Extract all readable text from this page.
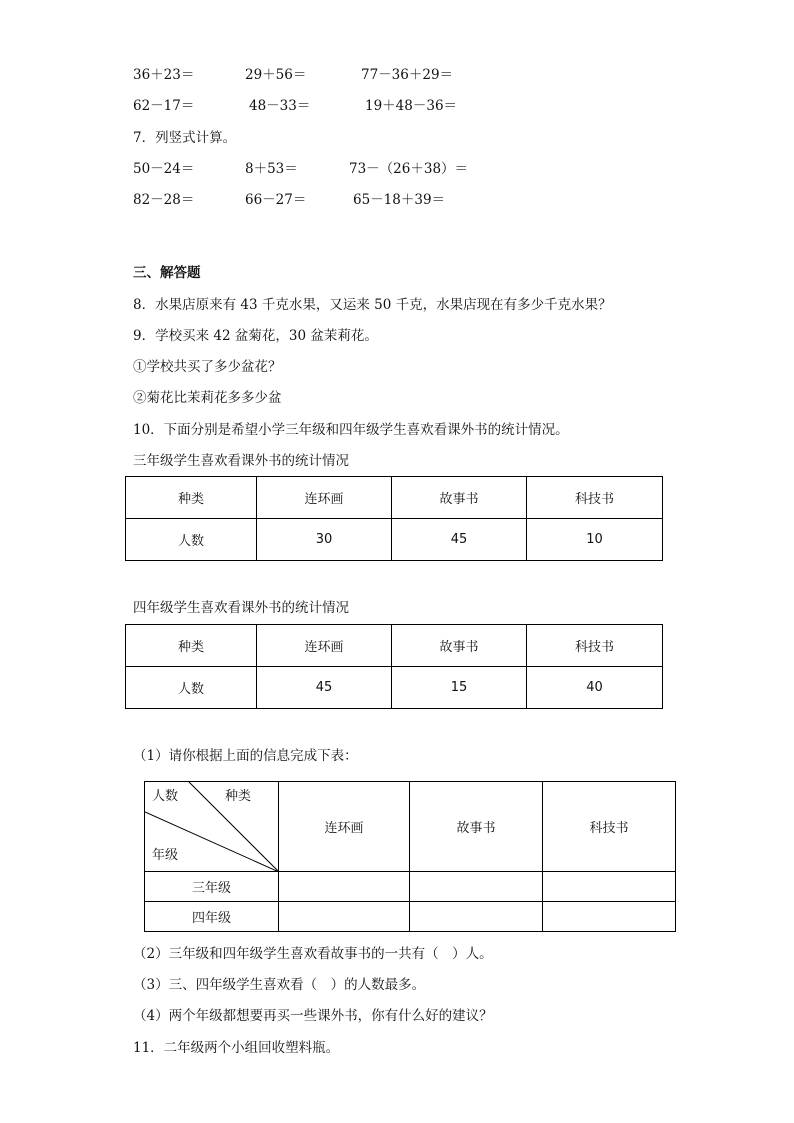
36＋23＝	29＋56＝	77－36＋29＝
62－17＝	48－33＝	19＋48－36＝
7．列竖式计算。
50－24＝	8＋53＝	73－（26＋38）＝
82－28＝	66－27＝	65－18＋39＝
三、解答题
8．水果店原来有 43 千克水果，又运来 50 千克，水果店现在有多少千克水果？
9．学校买来 42 盆菊花，30 盆茉莉花。
①学校共买了多少盆花？
②菊花比茉莉花多多少盆
10．下面分别是希望小学三年级和四年级学生喜欢看课外书的统计情况。
三年级学生喜欢看课外书的统计情况
种类	连环画	故事书	科技书
人数	30	45	10
四年级学生喜欢看课外书的统计情况
种类	连环画	故事书	科技书
人数	45	15	40
（1）请你根据上面的信息完成下表：
人数 种类
年级	连环画	故事书	科技书
三年级			
四年级			
（2）三年级和四年级学生喜欢看故事书的一共有（　）人。
（3）三、四年级学生喜欢看（　）的人数最多。
（4）两个年级都想要再买一些课外书，你有什么好的建议？
11．二年级两个小组回收塑料瓶。
